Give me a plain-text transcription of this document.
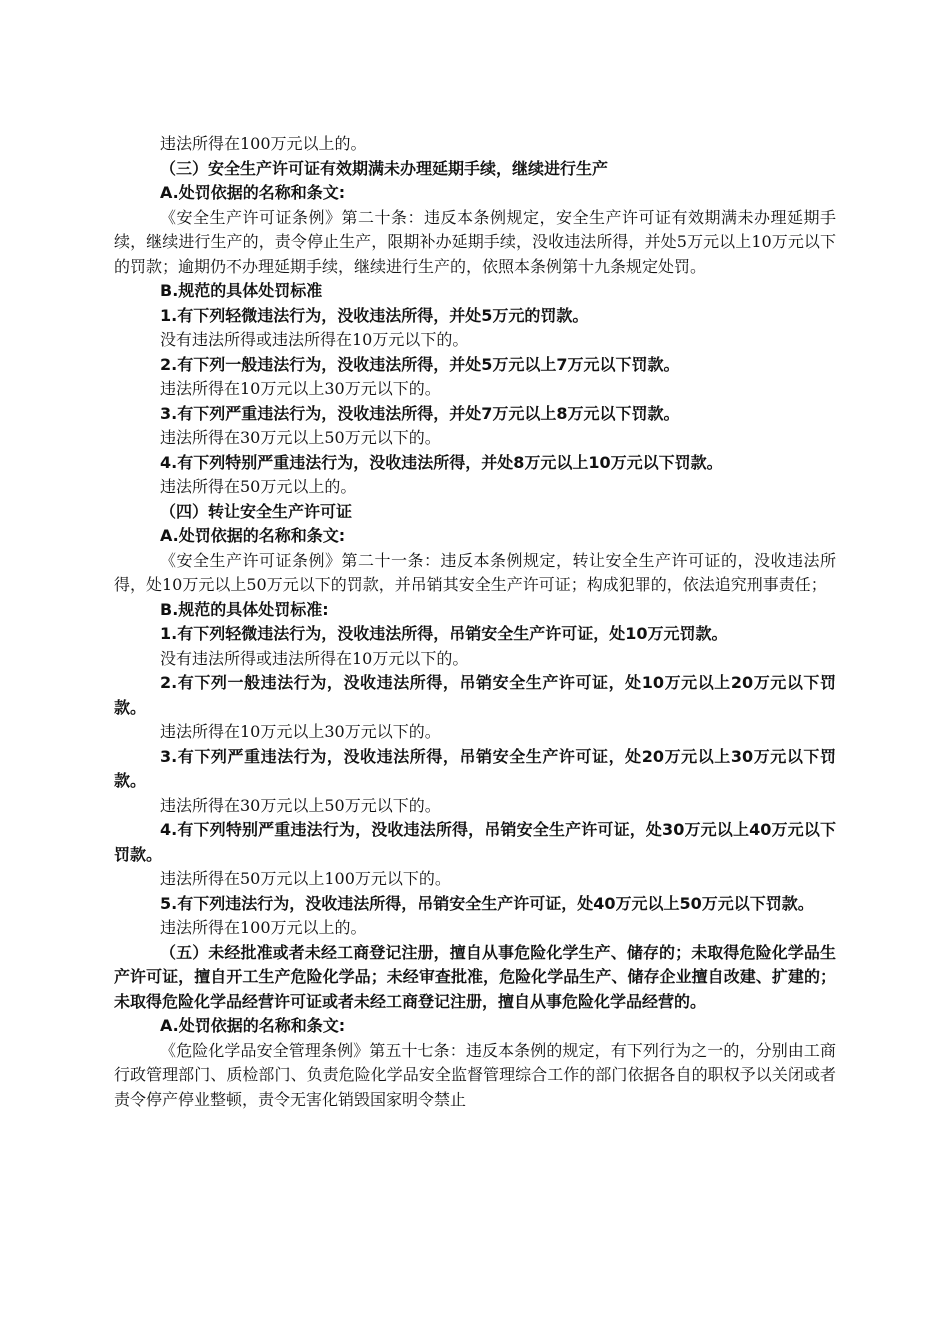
违法所得在100万元以上的。

（三）安全生产许可证有效期满未办理延期手续，继续进行生产

A.处罚依据的名称和条文:

《安全生产许可证条例》第二十条：违反本条例规定，安全生产许可证有效期满未办理延期手续，继续进行生产的，责令停止生产，限期补办延期手续，没收违法所得，并处5万元以上10万元以下的罚款；逾期仍不办理延期手续，继续进行生产的，依照本条例第十九条规定处罚。

B.规范的具体处罚标准

1.有下列轻微违法行为，没收违法所得，并处5万元的罚款。

没有违法所得或违法所得在10万元以下的。

2.有下列一般违法行为，没收违法所得，并处5万元以上7万元以下罚款。

违法所得在10万元以上30万元以下的。

3.有下列严重违法行为，没收违法所得，并处7万元以上8万元以下罚款。

违法所得在30万元以上50万元以下的。

4.有下列特别严重违法行为，没收违法所得，并处8万元以上10万元以下罚款。

违法所得在50万元以上的。

（四）转让安全生产许可证

A.处罚依据的名称和条文:

《安全生产许可证条例》第二十一条：违反本条例规定，转让安全生产许可证的，没收违法所得，处10万元以上50万元以下的罚款，并吊销其安全生产许可证；构成犯罪的，依法追究刑事责任；

B.规范的具体处罚标准:

1.有下列轻微违法行为，没收违法所得，吊销安全生产许可证，处10万元罚款。

没有违法所得或违法所得在10万元以下的。

2.有下列一般违法行为，没收违法所得，吊销安全生产许可证，处10万元以上20万元以下罚款。

违法所得在10万元以上30万元以下的。

3.有下列严重违法行为，没收违法所得，吊销安全生产许可证，处20万元以上30万元以下罚款。

违法所得在30万元以上50万元以下的。

4.有下列特别严重违法行为，没收违法所得，吊销安全生产许可证，处30万元以上40万元以下罚款。

违法所得在50万元以上100万元以下的。

5.有下列违法行为，没收违法所得，吊销安全生产许可证，处40万元以上50万元以下罚款。

违法所得在100万元以上的。

（五）未经批准或者未经工商登记注册，擅自从事危险化学生产、储存的；未取得危险化学品生产许可证，擅自开工生产危险化学品；未经审查批准，危险化学品生产、储存企业擅自改建、扩建的；未取得危险化学品经营许可证或者未经工商登记注册，擅自从事危险化学品经营的。

A.处罚依据的名称和条文:

《危险化学品安全管理条例》第五十七条：违反本条例的规定，有下列行为之一的，分别由工商行政管理部门、质检部门、负责危险化学品安全监督管理综合工作的部门依据各自的职权予以关闭或者责令停产停业整顿，责令无害化销毁国家明令禁止
